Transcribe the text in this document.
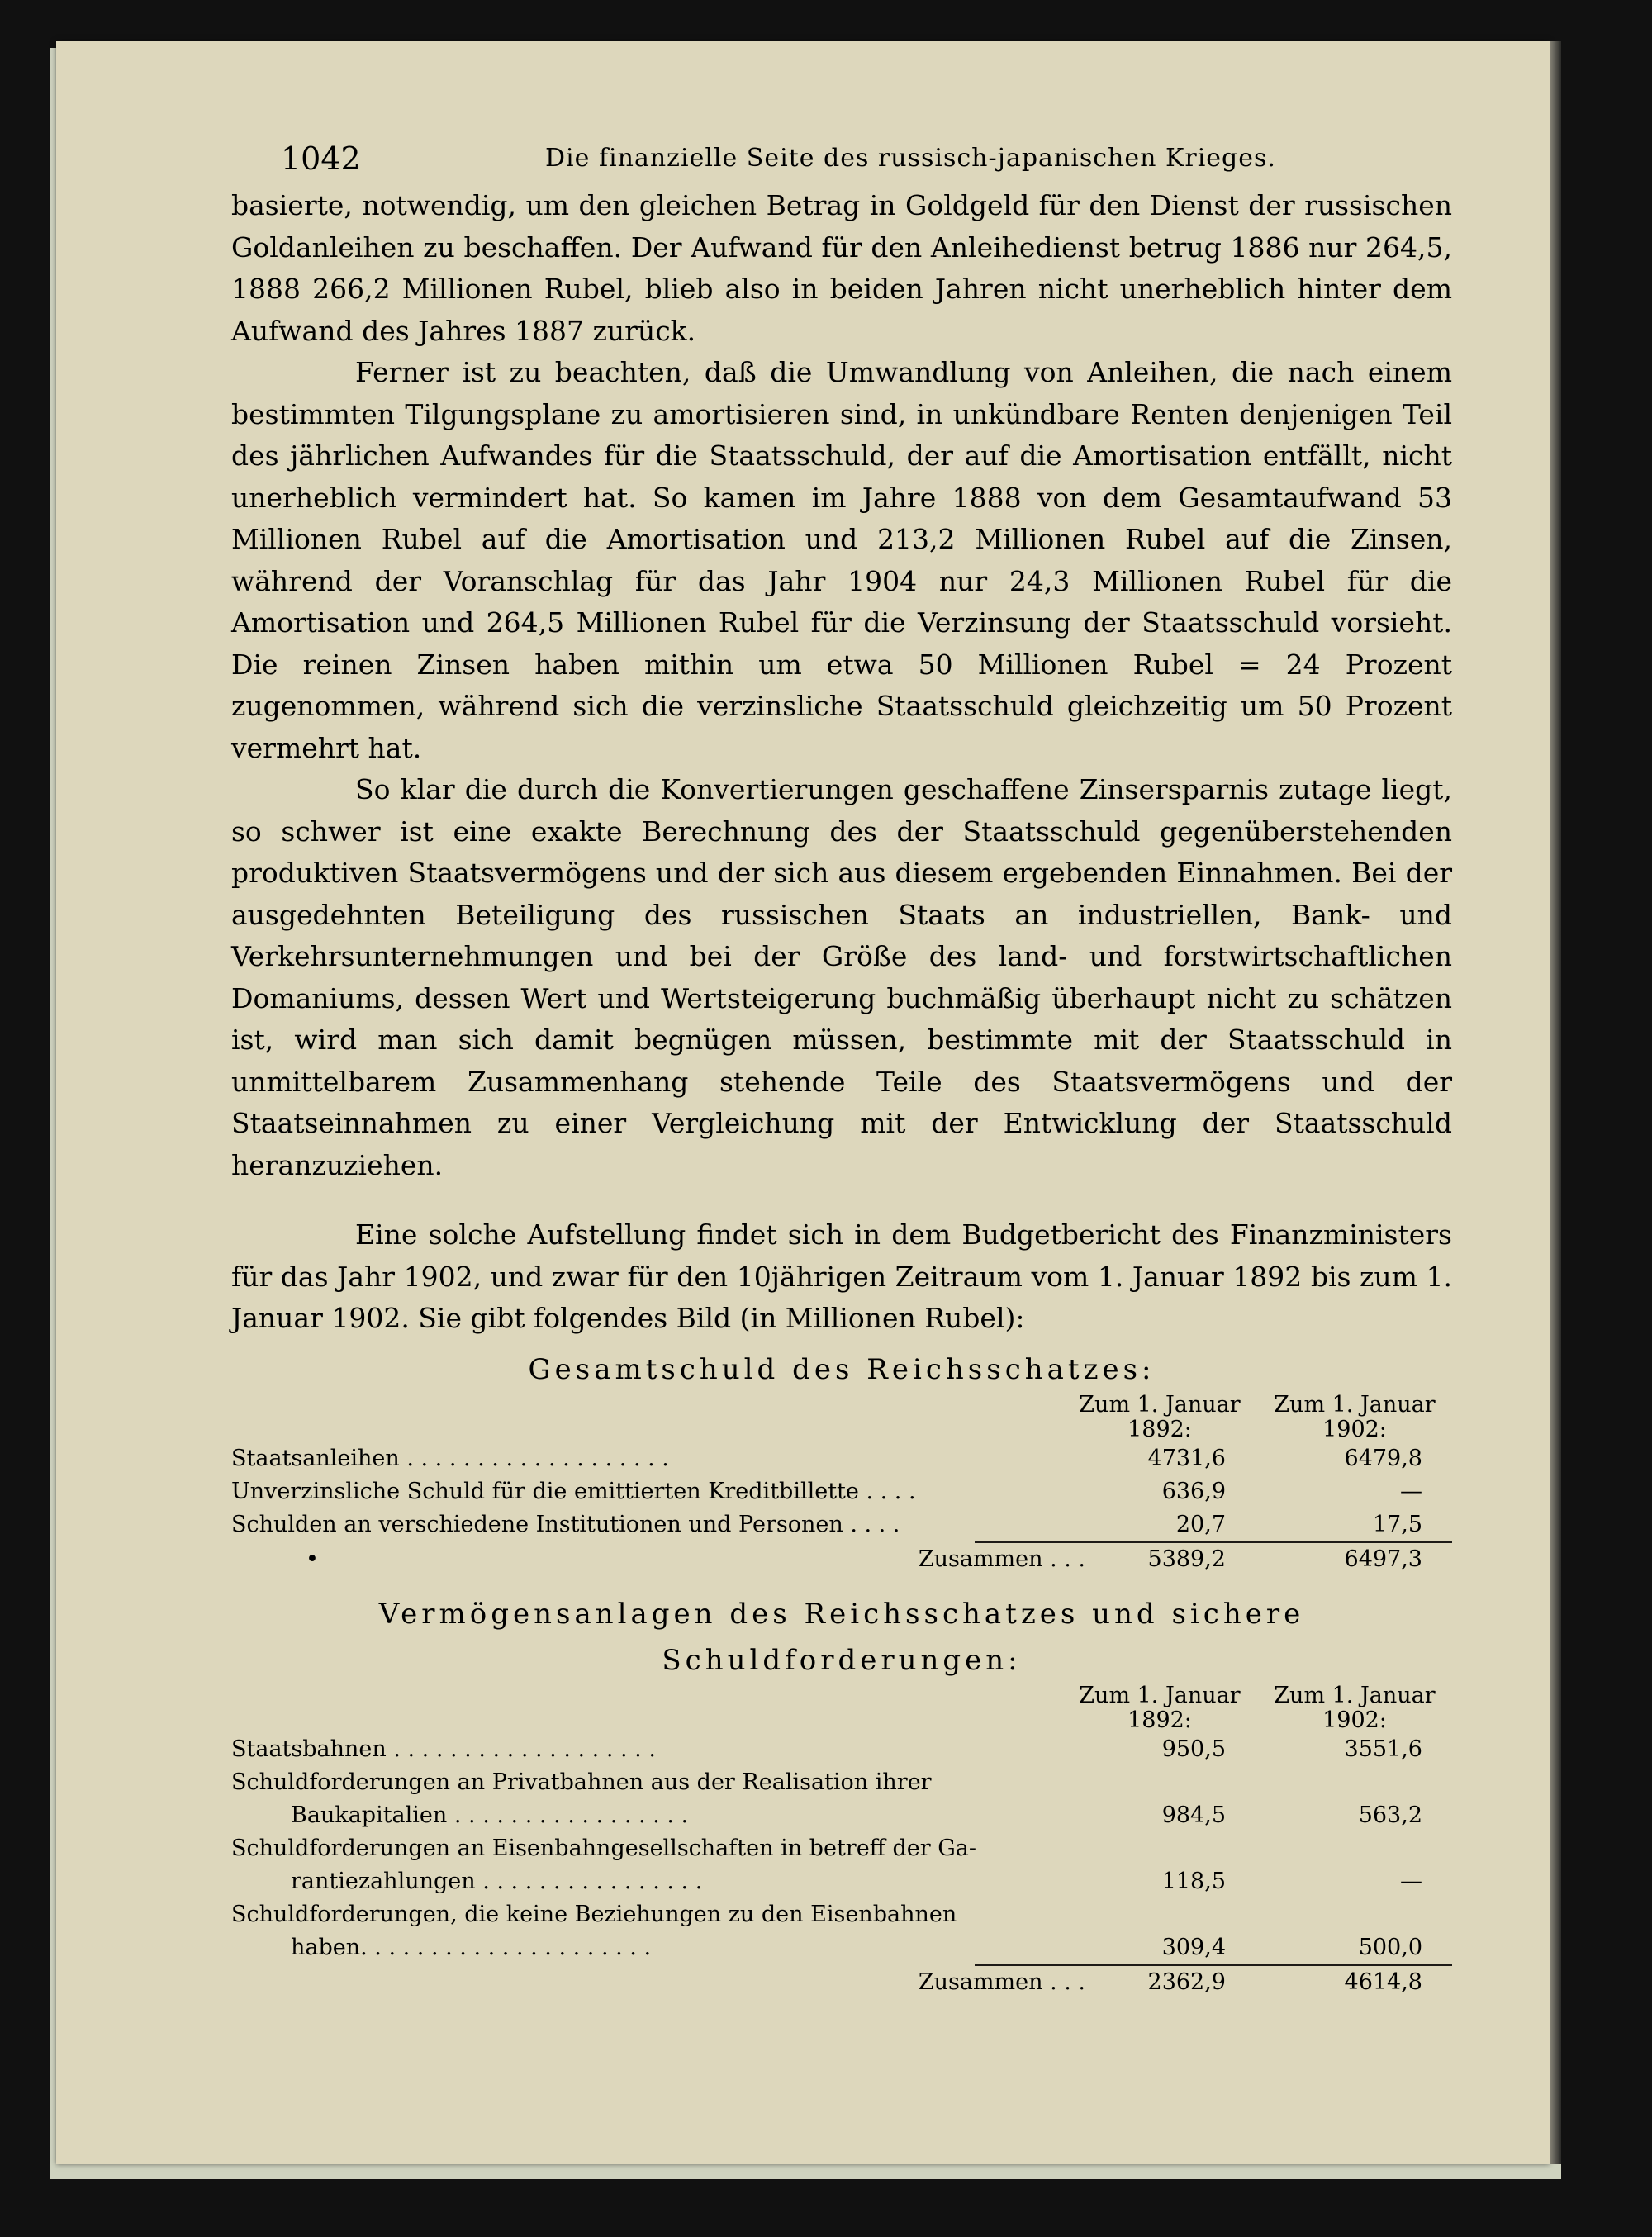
1042	Die finanzielle Seite des russisch-japanischen Krieges.

basierte, notwendig, um den gleichen Betrag in Goldgeld für den Dienst der russischen Goldanleihen zu beschaffen. Der Aufwand für den Anleihedienst betrug 1886 nur 264,5, 1888 266,2 Millionen Rubel, blieb also in beiden Jahren nicht unerheblich hinter dem Aufwand des Jahres 1887 zurück.

Ferner ist zu beachten, daß die Umwandlung von Anleihen, die nach einem bestimmten Tilgungsplane zu amortisieren sind, in unkündbare Renten denjenigen Teil des jährlichen Aufwandes für die Staatsschuld, der auf die Amortisation entfällt, nicht unerheblich vermindert hat. So kamen im Jahre 1888 von dem Gesamtaufwand 53 Millionen Rubel auf die Amortisation und 213,2 Millionen Rubel auf die Zinsen, während der Voranschlag für das Jahr 1904 nur 24,3 Millionen Rubel für die Amortisation und 264,5 Millionen Rubel für die Verzinsung der Staatsschuld vorsieht. Die reinen Zinsen haben mithin um etwa 50 Millionen Rubel = 24 Prozent zugenommen, während sich die verzinsliche Staatsschuld gleichzeitig um 50 Prozent vermehrt hat.

So klar die durch die Konvertierungen geschaffene Zinsersparnis zutage liegt, so schwer ist eine exakte Berechnung des der Staatsschuld gegenüberstehenden produktiven Staatsvermögens und der sich aus diesem ergebenden Einnahmen. Bei der ausgedehnten Beteiligung des russischen Staats an industriellen, Bank- und Verkehrsunternehmungen und bei der Größe des land- und forstwirtschaftlichen Domaniums, dessen Wert und Wertsteigerung buchmäßig überhaupt nicht zu schätzen ist, wird man sich damit begnügen müssen, bestimmte mit der Staatsschuld in unmittelbarem Zusammenhang stehende Teile des Staatsvermögens und der Staatseinnahmen zu einer Vergleichung mit der Entwicklung der Staatsschuld heranzuziehen.

Eine solche Aufstellung findet sich in dem Budgetbericht des Finanzministers für das Jahr 1902, und zwar für den 10jährigen Zeitraum vom 1. Januar 1892 bis zum 1. Januar 1902. Sie gibt folgendes Bild (in Millionen Rubel):

Gesamtschuld des Reichsschatzes:
Zum 1. Januar 1892:
Zum 1. Januar 1902:
Staatsanleihen . . . . . . . . . . . . . . . . . . .	4731,6	6479,8
Unverzinsliche Schuld für die emittierten Kreditbillette . . . .	636,9	—
Schulden an verschiedene Institutionen und Personen . . . .	20,7	17,5
•	Zusammen . . .	5389,2	6497,3
Vermögensanlagen des Reichsschatzes und sichere Schuldforderungen:
Zum 1. Januar 1892:
Zum 1. Januar 1902:
Staatsbahnen . . . . . . . . . . . . . . . . . . .	950,5	3551,6
Schuldforderungen an Privatbahnen aus der Realisation ihrer
Baukapitalien . . . . . . . . . . . . . . . . .	984,5	563,2
Schuldforderungen an Eisenbahngesellschaften in betreff der Ga-
rantiezahlungen . . . . . . . . . . . . . . . .	118,5	—
Schuldforderungen, die keine Beziehungen zu den Eisenbahnen
haben. . . . . . . . . . . . . . . . . . . . .	309,4	500,0
Zusammen . . .	2362,9	4614,8
